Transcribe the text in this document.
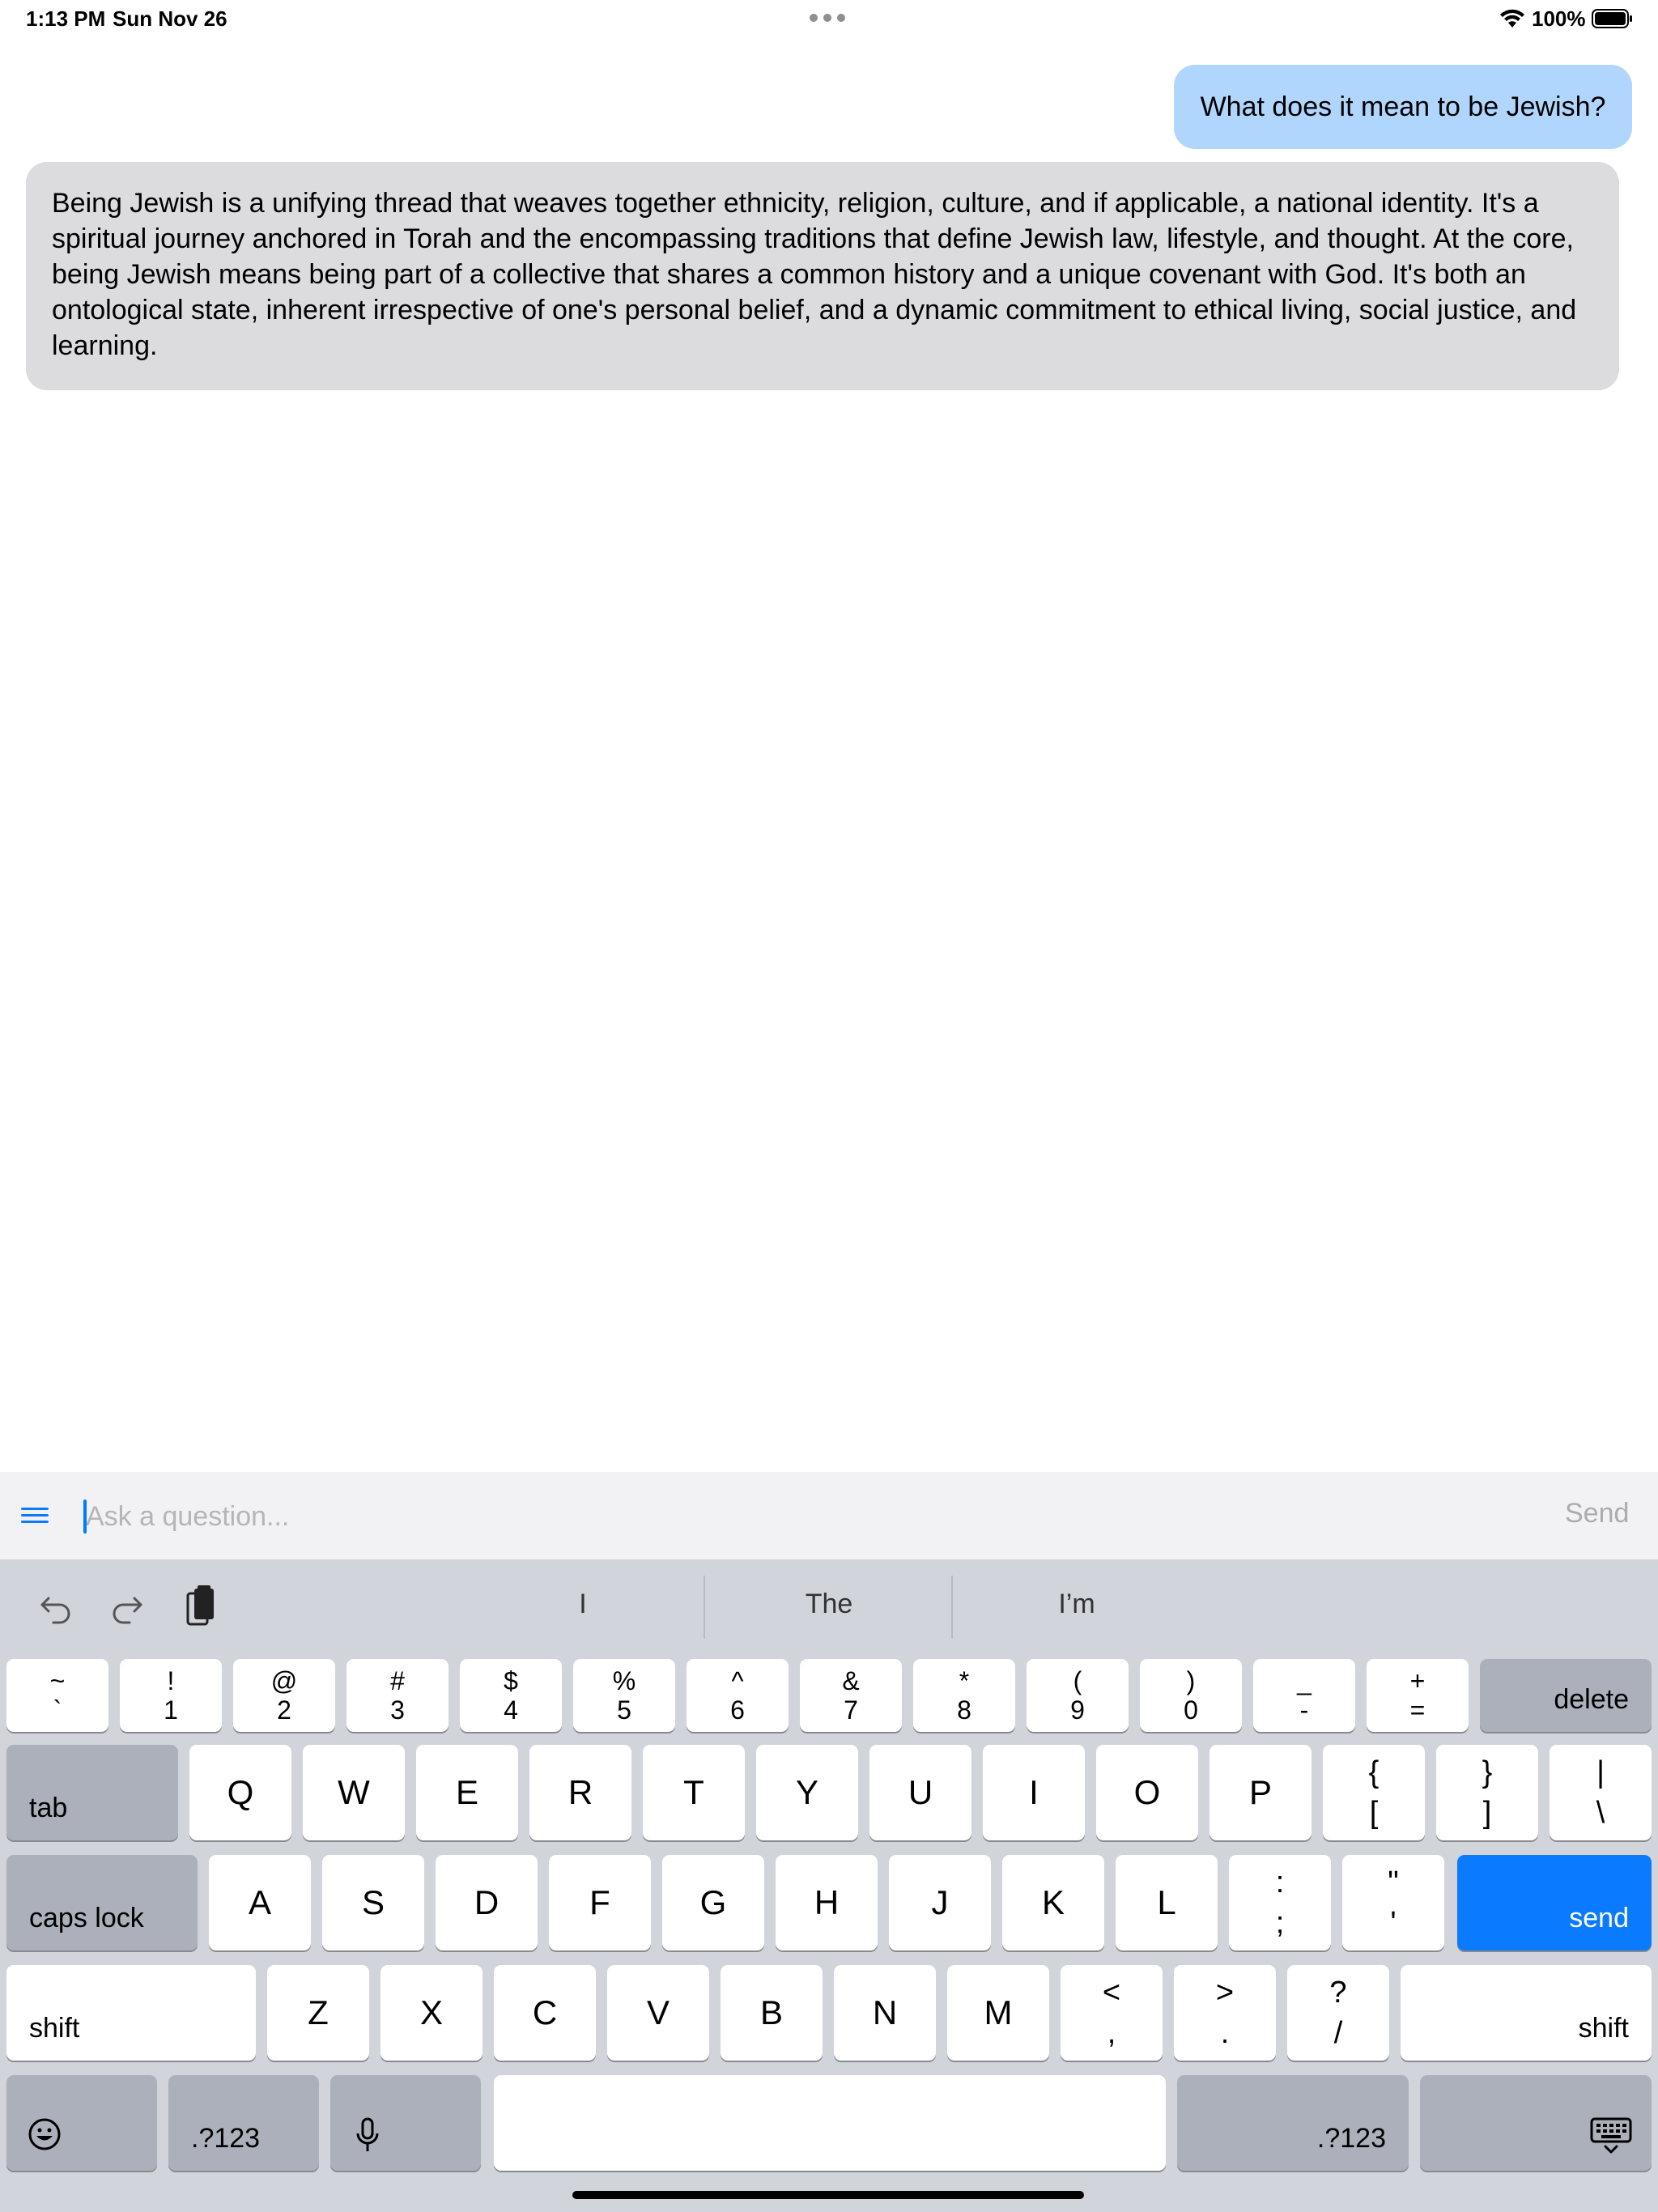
1:13 PM Sun Nov 26	100%
What does it mean to be Jewish?
Being Jewish is a unifying thread that weaves together ethnicity, religion, culture, and if applicable, a national identity. It's a spiritual journey anchored in Torah and the encompassing traditions that define Jewish law, lifestyle, and thought. At the core, being Jewish means being part of a collective that shares a common history and a unique covenant with God. It's both an ontological state, inherent irrespective of one's personal belief, and a dynamic commitment to ethical living, social justice, and learning.
Ask a question...
Send
I	The	I’m
~
`
!
1
@
2
#
3
$
4
%
5
^
6
&
7
*
8
(
9
)
0
_
-
+
=	delete
tab	Q W	E	R	T	Y	U	I	O	P
{
[
}
]
|
\
caps lock	A	S	D	F	G	H	J	K	L
:
;
"
'	send
shift	Z	X	C	V	B	N	M
<
,
>
.
?
/	shift
.?123	.?123
